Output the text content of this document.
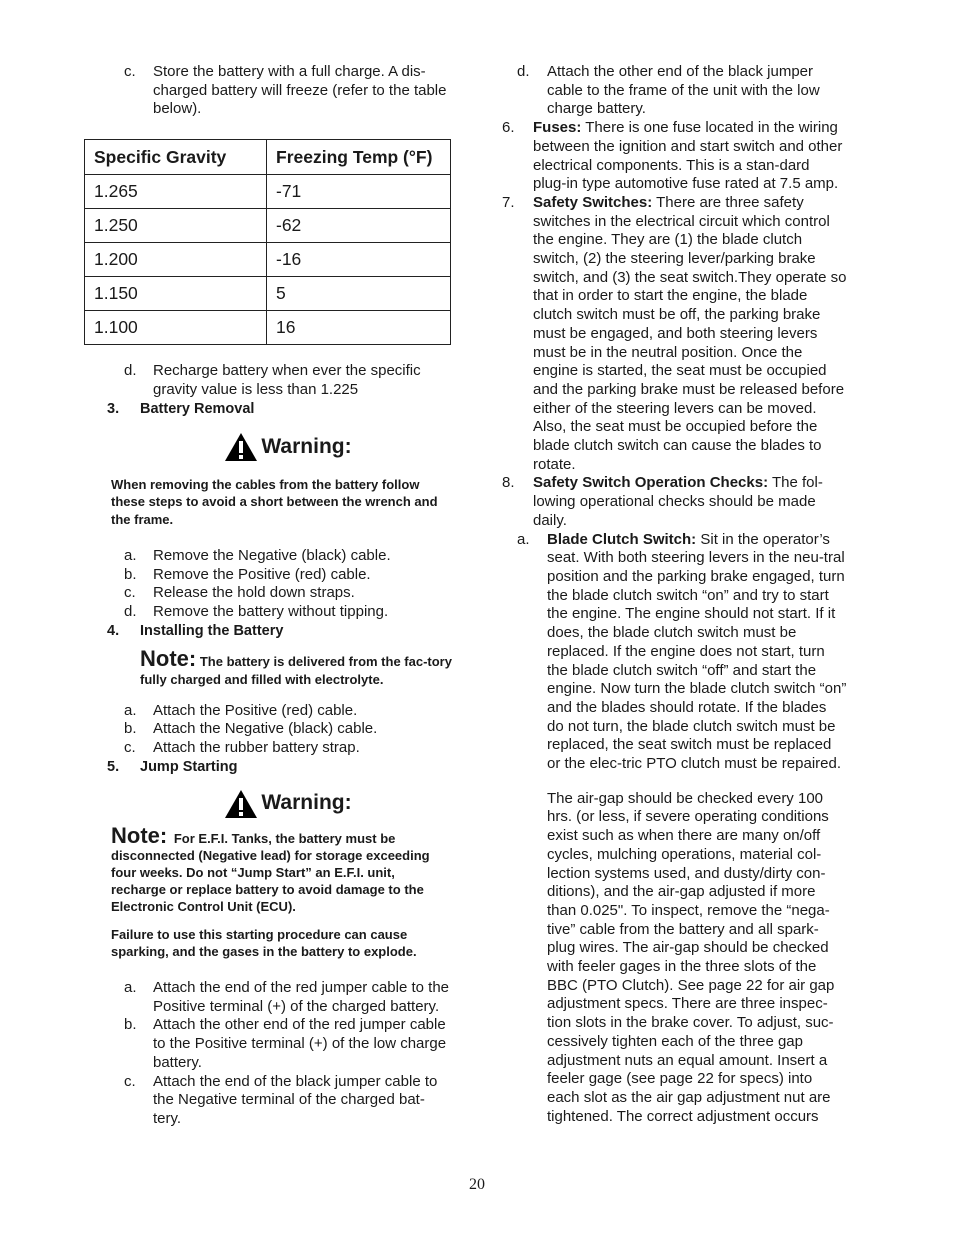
c.	Store the battery with a full charge. A dis-charged battery will freeze (refer to the table below).
Specific Gravity	Freezing Temp (°F)
1.265	-71
1.250	-62
1.200	-16
1.150	5
1.100	16
d.	Recharge battery when ever the specific gravity value is less than 1.225
3.	Battery Removal
Warning:
When removing the cables from the battery follow these steps to avoid a short between the wrench and the frame.
a.	Remove the Negative (black) cable.
b.	Remove the Positive (red) cable.
c.	Release the hold down straps.
d.	Remove the battery without tipping.
4.	Installing the Battery
Note: The battery is delivered from the fac-tory fully charged and filled with electrolyte.
a.	Attach the Positive (red) cable.
b.	Attach the Negative (black) cable.
c.	Attach the rubber battery strap.
5.	Jump Starting
Warning:
Note: For E.F.I. Tanks, the battery must be disconnected (Negative lead) for storage exceeding four weeks. Do not “Jump Start” an E.F.I. unit, recharge or replace battery to avoid damage to the Electronic Control Unit (ECU).
Failure to use this starting procedure can cause sparking, and the gases in the battery to explode.
a.	Attach the end of the red jumper cable to the Positive terminal (+) of the charged battery.
b.	Attach the other end of the red jumper cable to the Positive terminal (+) of the low charge battery.
c.	Attach the end of the black jumper cable to the Negative terminal of the charged bat-tery.
d.	Attach the other end of the black jumper cable to the frame of the unit with the low charge battery.
6.	Fuses: There is one fuse located in the wiring between the ignition and start switch and other electrical components. This is a stan-dard plug-in type automotive fuse rated at 7.5 amp.
7.	Safety Switches: There are three safety switches in the electrical circuit which control the engine. They are (1) the blade clutch switch, (2) the steering lever/parking brake switch, and (3) the seat switch.They operate so that in order to start the engine, the blade clutch switch must be off, the parking brake must be engaged, and both steering levers must be in the neutral position. Once the engine is started, the seat must be occupied and the parking brake must be released before either of the steering levers can be moved. Also, the seat must be occupied before the blade clutch switch can cause the blades to rotate.
8.	Safety Switch Operation Checks: The fol-lowing operational checks should be made daily.
a.	Blade Clutch Switch: Sit in the operator’s seat. With both steering levers in the neu-tral position and the parking brake engaged, turn the blade clutch switch “on” and try to start the engine. The engine should not start. If it does, the blade clutch switch must be replaced. If the engine does not start, turn the blade clutch switch “off” and start the engine. Now turn the blade clutch switch “on” and the blades should rotate. If the blades do not turn, the blade clutch switch must be replaced, the seat switch must be replaced or the elec-tric PTO clutch must be repaired.
The air-gap should be checked every 100 hrs. (or less, if severe operating conditions exist such as when there are many on/off cycles, mulching operations, material col-lection systems used, and dusty/dirty con-ditions), and the air-gap adjusted if more than 0.025". To inspect, remove the “nega-tive” cable from the battery and all spark-plug wires. The air-gap should be checked with feeler gages in the three slots of the BBC (PTO Clutch). See page 22 for air gap adjustment specs. There are three inspec-tion slots in the brake cover. To adjust, suc-cessively tighten each of the three gap adjustment nuts an equal amount. Insert a feeler gage (see page 22 for specs) into each slot as the air gap adjustment nut are tightened. The correct adjustment occurs
20
